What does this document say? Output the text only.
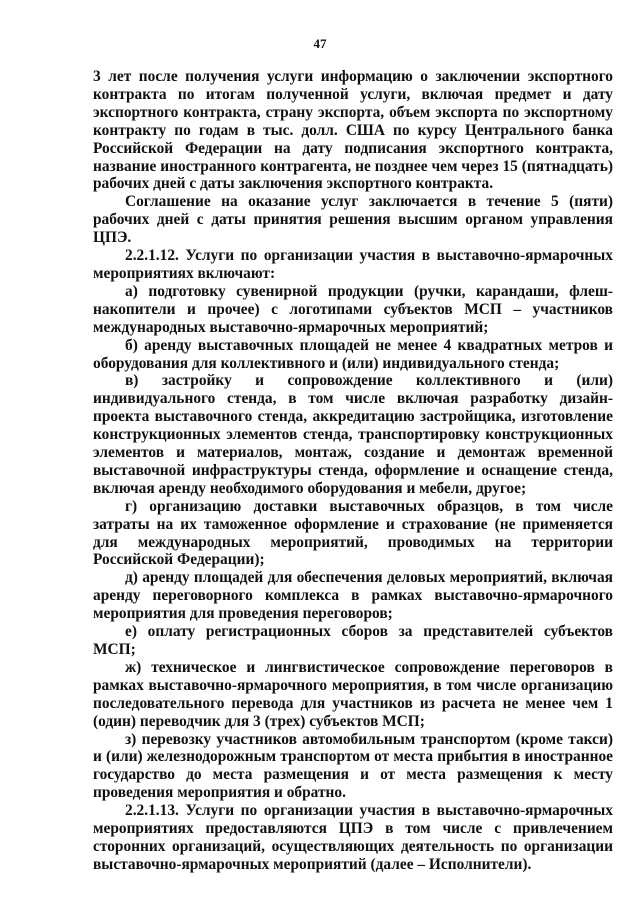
47

3 лет после получения услуги информацию о заключении экспортного контракта по итогам полученной услуги, включая предмет и дату экспортного контракта, страну экспорта, объем экспорта по экспортному контракту по годам в тыс. долл. США по курсу Центрального банка Российской Федерации на дату подписания экспортного контракта, название иностранного контрагента, не позднее чем через 15 (пятнадцать) рабочих дней с даты заключения экспортного контракта.

Соглашение на оказание услуг заключается в течение 5 (пяти) рабочих дней с даты принятия решения высшим органом управления ЦПЭ.

2.2.1.12. Услуги по организации участия в выставочно-ярмарочных мероприятиях включают:

а) подготовку сувенирной продукции (ручки, карандаши, флеш-накопители и прочее) с логотипами субъектов МСП – участников международных выставочно-ярмарочных мероприятий;

б) аренду выставочных площадей не менее 4 квадратных метров и оборудования для коллективного и (или) индивидуального стенда;

в) застройку и сопровождение коллективного и (или) индивидуального стенда, в том числе включая разработку дизайн-проекта выставочного стенда, аккредитацию застройщика, изготовление конструкционных элементов стенда, транспортировку конструкционных элементов и материалов, монтаж, создание и демонтаж временной выставочной инфраструктуры стенда, оформление и оснащение стенда, включая аренду необходимого оборудования и мебели, другое;

г) организацию доставки выставочных образцов, в том числе затраты на их таможенное оформление и страхование (не применяется для международных мероприятий, проводимых на территории Российской Федерации);

д) аренду площадей для обеспечения деловых мероприятий, включая аренду переговорного комплекса в рамках выставочно-ярмарочного мероприятия для проведения переговоров;

е) оплату регистрационных сборов за представителей субъектов МСП;

ж) техническое и лингвистическое сопровождение переговоров в рамках выставочно-ярмарочного мероприятия, в том числе организацию последовательного перевода для участников из расчета не менее чем 1 (один) переводчик для 3 (трех) субъектов МСП;

з) перевозку участников автомобильным транспортом (кроме такси) и (или) железнодорожным транспортом от места прибытия в иностранное государство до места размещения и от места размещения к месту проведения мероприятия и обратно.

2.2.1.13. Услуги по организации участия в выставочно-ярмарочных мероприятиях предоставляются ЦПЭ в том числе с привлечением сторонних организаций, осуществляющих деятельность по организации выставочно-ярмарочных мероприятий (далее – Исполнители).
